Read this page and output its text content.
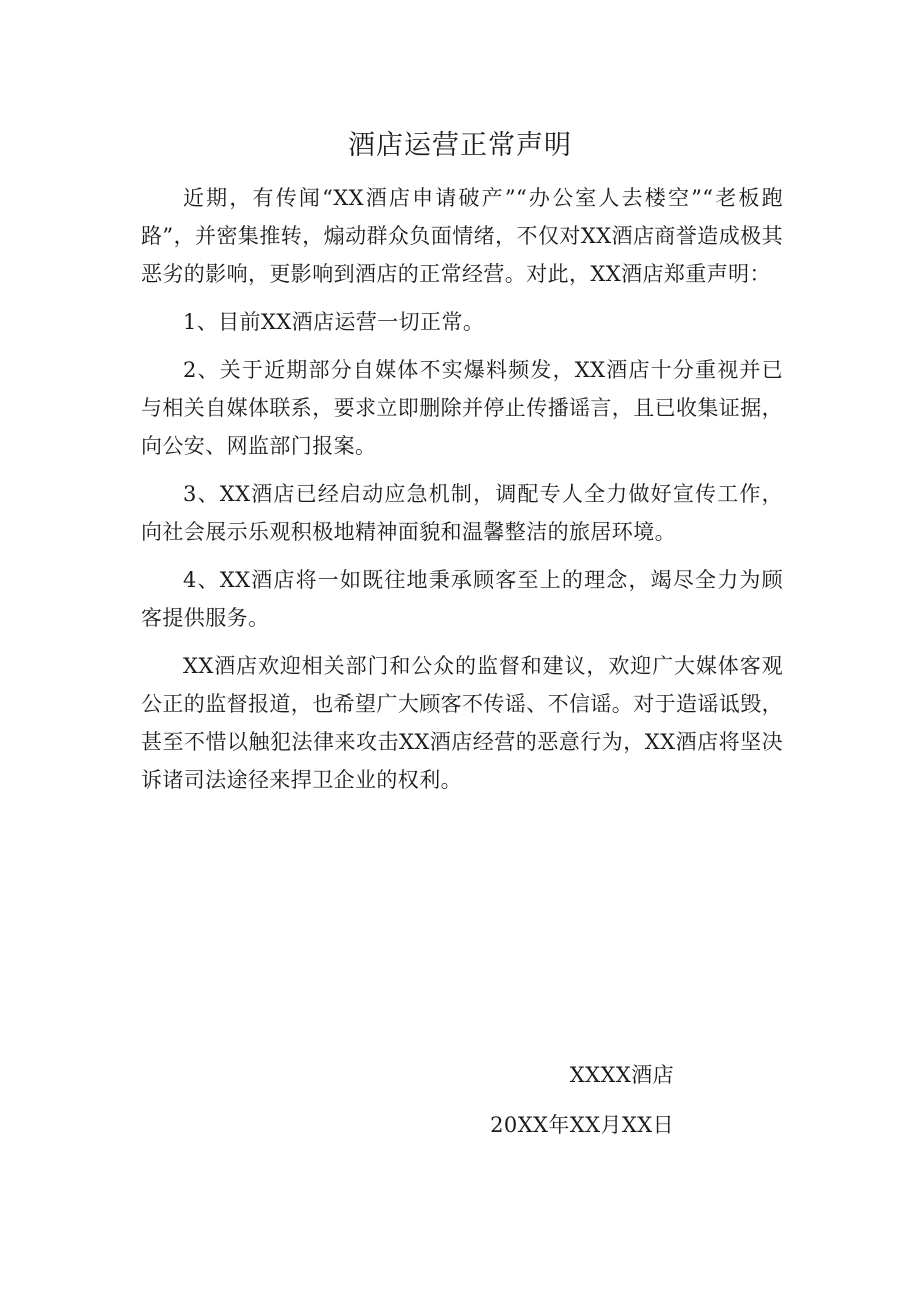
酒店运营正常声明

近期，有传闻“XX酒店申请破产”“办公室人去楼空”“老板跑路”，并密集推转，煽动群众负面情绪，不仅对XX酒店商誉造成极其恶劣的影响，更影响到酒店的正常经营。对此，XX酒店郑重声明：

1、目前XX酒店运营一切正常。

2、关于近期部分自媒体不实爆料频发，XX酒店十分重视并已与相关自媒体联系，要求立即删除并停止传播谣言，且已收集证据，向公安、网监部门报案。

3、XX酒店已经启动应急机制，调配专人全力做好宣传工作，向社会展示乐观积极地精神面貌和温馨整洁的旅居环境。

4、XX酒店将一如既往地秉承顾客至上的理念，竭尽全力为顾客提供服务。

XX酒店欢迎相关部门和公众的监督和建议，欢迎广大媒体客观公正的监督报道，也希望广大顾客不传谣、不信谣。对于造谣诋毁，甚至不惜以触犯法律来攻击XX酒店经营的恶意行为，XX酒店将坚决诉诸司法途径来捍卫企业的权利。

XXXX酒店

20XX年XX月XX日
